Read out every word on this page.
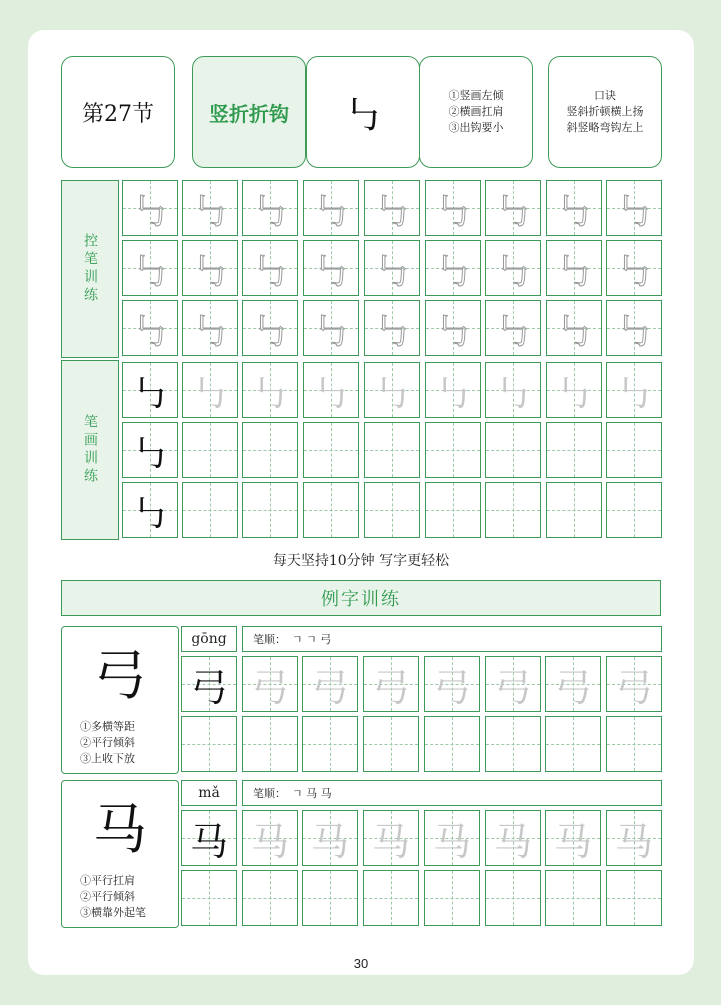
第27节	竖折折钩 ㇉	①竖画左倾
②横画扛肩
③出钩要小
口诀
竖斜折顿横上扬
斜竖略弯钩左上
控笔训练
笔画训练
㇉ ㇉ ㇉ ㇉ ㇉ ㇉ ㇉ ㇉ ㇉
㇉ ㇉ ㇉ ㇉ ㇉ ㇉ ㇉ ㇉ ㇉
㇉ ㇉ ㇉ ㇉ ㇉ ㇉ ㇉ ㇉ ㇉
㇉ ㇉ ㇉ ㇉ ㇉ ㇉ ㇉ ㇉ ㇉
㇉
㇉
每天坚持10分钟 写字更轻松
例字训练
弓
①多横等距
②平行倾斜
③上收下放
gōng	笔顺： ㄱ ㄱ 弓
弓 弓 弓 弓 弓 弓 弓 弓
马
①平行扛肩
②平行倾斜
③横靠外起笔
mǎ	笔顺： ㄱ 马 马
马 马 马 马 马 马 马 马
30
